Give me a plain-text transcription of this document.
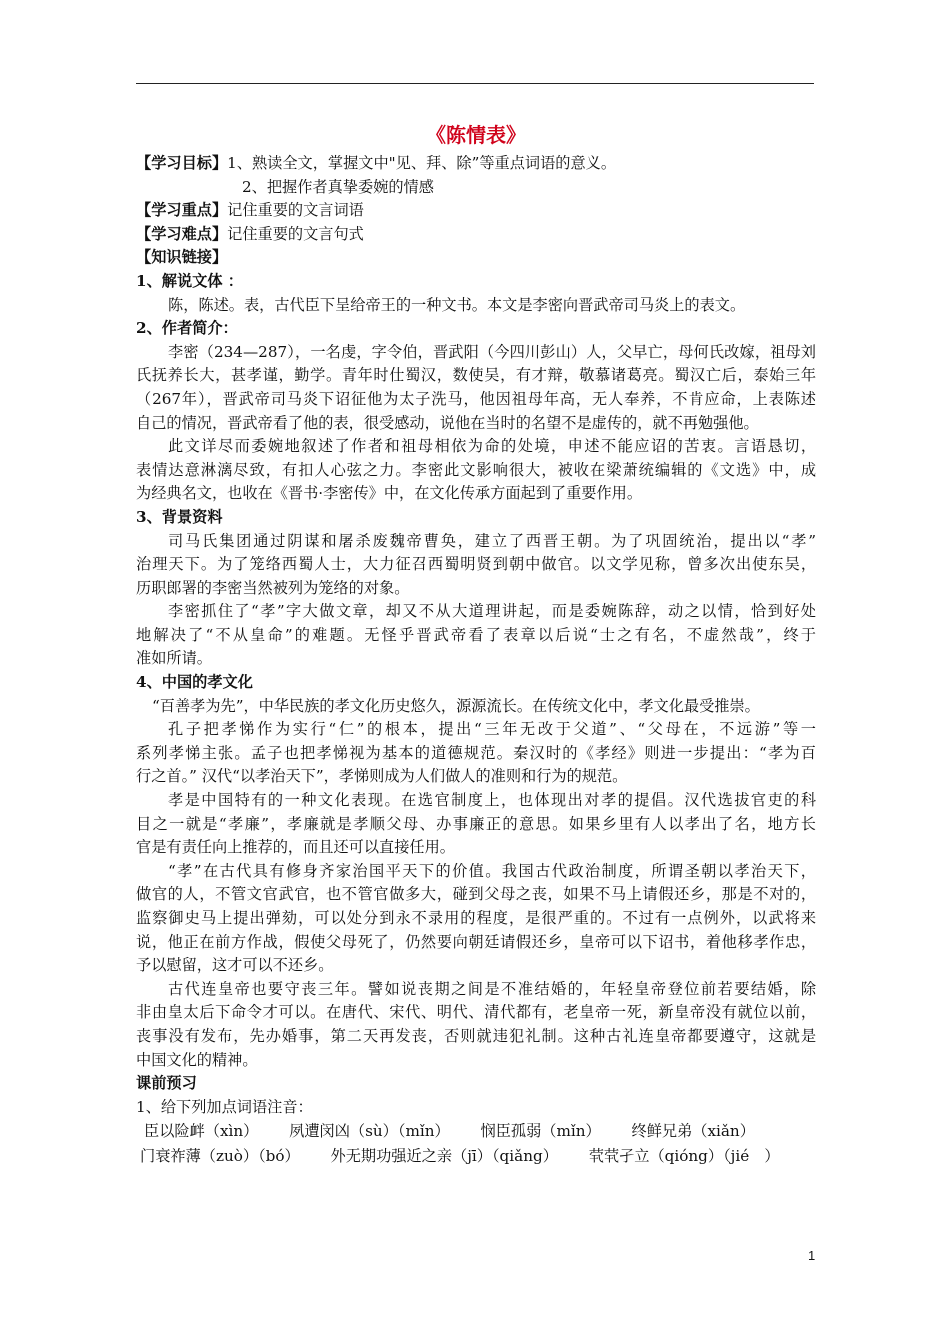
《陈情表》
【学习目标】1、熟读全文，掌握文中"见、拜、除”等重点词语的意义。
2、把握作者真挚委婉的情感
【学习重点】记住重要的文言词语
【学习难点】记住重要的文言句式
【知识链接】
1、解说文体 ：
陈，陈述。表，古代臣下呈给帝王的一种文书。本文是李密向晋武帝司马炎上的表文。
2、作者简介：
李密（234—287），一名虔，字令伯，晋武阳（今四川彭山）人，父早亡，母何氏改嫁，祖母刘
氏抚养长大，甚孝谨，勤学。青年时仕蜀汉，数使吴，有才辩，敬慕诸葛亮。蜀汉亡后，泰始三年
（267年），晋武帝司马炎下诏征他为太子洗马，他因祖母年高，无人奉养，不肯应命，上表陈述
自己的情况，晋武帝看了他的表，很受感动，说他在当时的名望不是虚传的，就不再勉强他。
此文详尽而委婉地叙述了作者和祖母相依为命的处境，申述不能应诏的苦衷。言语恳切，
表情达意淋漓尽致，有扣人心弦之力。李密此文影响很大，被收在梁萧统编辑的《文选》中，成
为经典名文，也收在《晋书·李密传》中，在文化传承方面起到了重要作用。
3、背景资料
司马氏集团通过阴谋和屠杀废魏帝曹奂，建立了西晋王朝。为了巩固统治，提出以“孝”
治理天下。为了笼络西蜀人士，大力征召西蜀明贤到朝中做官。以文学见称，曾多次出使东吴，
历职郎署的李密当然被列为笼络的对象。
李密抓住了“孝”字大做文章，却又不从大道理讲起，而是委婉陈辞，动之以情，恰到好处
地解决了“不从皇命”的难题。无怪乎晋武帝看了表章以后说“士之有名，不虚然哉”，终于
准如所请。
4、中国的孝文化
“百善孝为先”，中华民族的孝文化历史悠久，源源流长。在传统文化中，孝文化最受推崇。
孔子把孝悌作为实行“仁”的根本，提出“三年无改于父道”、“父母在，不远游”等一
系列孝悌主张。孟子也把孝悌视为基本的道德规范。秦汉时的《孝经》则进一步提出：“孝为百
行之首。” 汉代“以孝治天下”，孝悌则成为人们做人的准则和行为的规范。
孝是中国特有的一种文化表现。在选官制度上，也体现出对孝的提倡。汉代选拔官吏的科
目之一就是“孝廉”，孝廉就是孝顺父母、办事廉正的意思。如果乡里有人以孝出了名，地方长
官是有责任向上推荐的，而且还可以直接任用。
“孝”在古代具有修身齐家治国平天下的价值。我国古代政治制度，所谓圣朝以孝治天下，
做官的人，不管文官武官，也不管官做多大，碰到父母之丧，如果不马上请假还乡，那是不对的，
监察御史马上提出弹劾，可以处分到永不录用的程度，是很严重的。不过有一点例外，以武将来
说，他正在前方作战，假使父母死了，仍然要向朝廷请假还乡，皇帝可以下诏书，着他移孝作忠，
予以慰留，这才可以不还乡。
古代连皇帝也要守丧三年。譬如说丧期之间是不准结婚的，年轻皇帝登位前若要结婚，除
非由皇太后下命令才可以。在唐代、宋代、明代、清代都有，老皇帝一死，新皇帝没有就位以前，
丧事没有发布，先办婚事，第二天再发丧，否则就违犯礼制。这种古礼连皇帝都要遵守，这就是
中国文化的精神。
课前预习
1、给下列加点词语注音：
臣以险衅（xìn） 夙遭闵凶（sù）（mǐn） 悯臣孤弱（mǐn） 终鲜兄弟（xiǎn）
门衰祚薄（zuò）（bó） 外无期功强近之亲（jī）（qiǎng） 茕茕孑立（qióng）（jié　）
1
